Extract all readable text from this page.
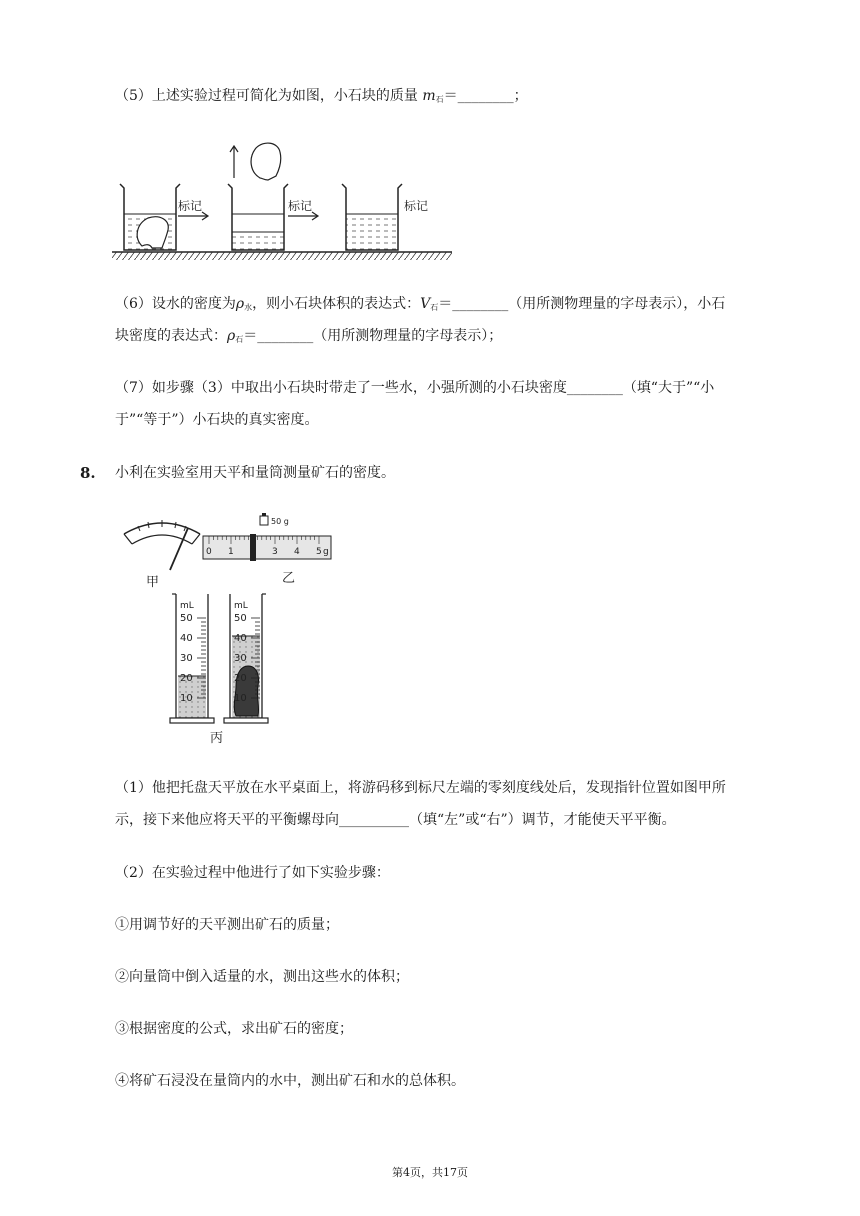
（5）上述实验过程可简化为如图，小石块的质量 $m_石=\_\_\_\_\_\_\_\_$；
标记	标记	标记
（6）设水的密度为$\rho_水$，则小石块体积的表达式：$V_石=\_\_\_\_\_\_\_\_$（用所测物理量的字母表示），小石
块密度的表达式：$\rho_石=\_\_\_\_\_\_\_\_$（用所测物理量的字母表示）；
（7）如步骤（3）中取出小石块时带走了一些水，小强所测的小石块密度________（填“大于”“小
于”“等于”）小石块的真实密度。
8. 小利在实验室用天平和量筒测量矿石的密度。
甲
50 g
0 1 2 3 4 5 g
乙
mL
50
40
30
20
10
mL
50
40
30
20
10
丙
（1）他把托盘天平放在水平桌面上，将游码移到标尺左端的零刻度线处后，发现指针位置如图甲所
示，接下来他应将天平的平衡螺母向__________（填“左”或“右”）调节，才能使天平平衡。
（2）在实验过程中他进行了如下实验步骤：
①用调节好的天平测出矿石的质量；
②向量筒中倒入适量的水，测出这些水的体积；
③根据密度的公式，求出矿石的密度；
④将矿石浸没在量筒内的水中，测出矿石和水的总体积。
第4页，共17页
